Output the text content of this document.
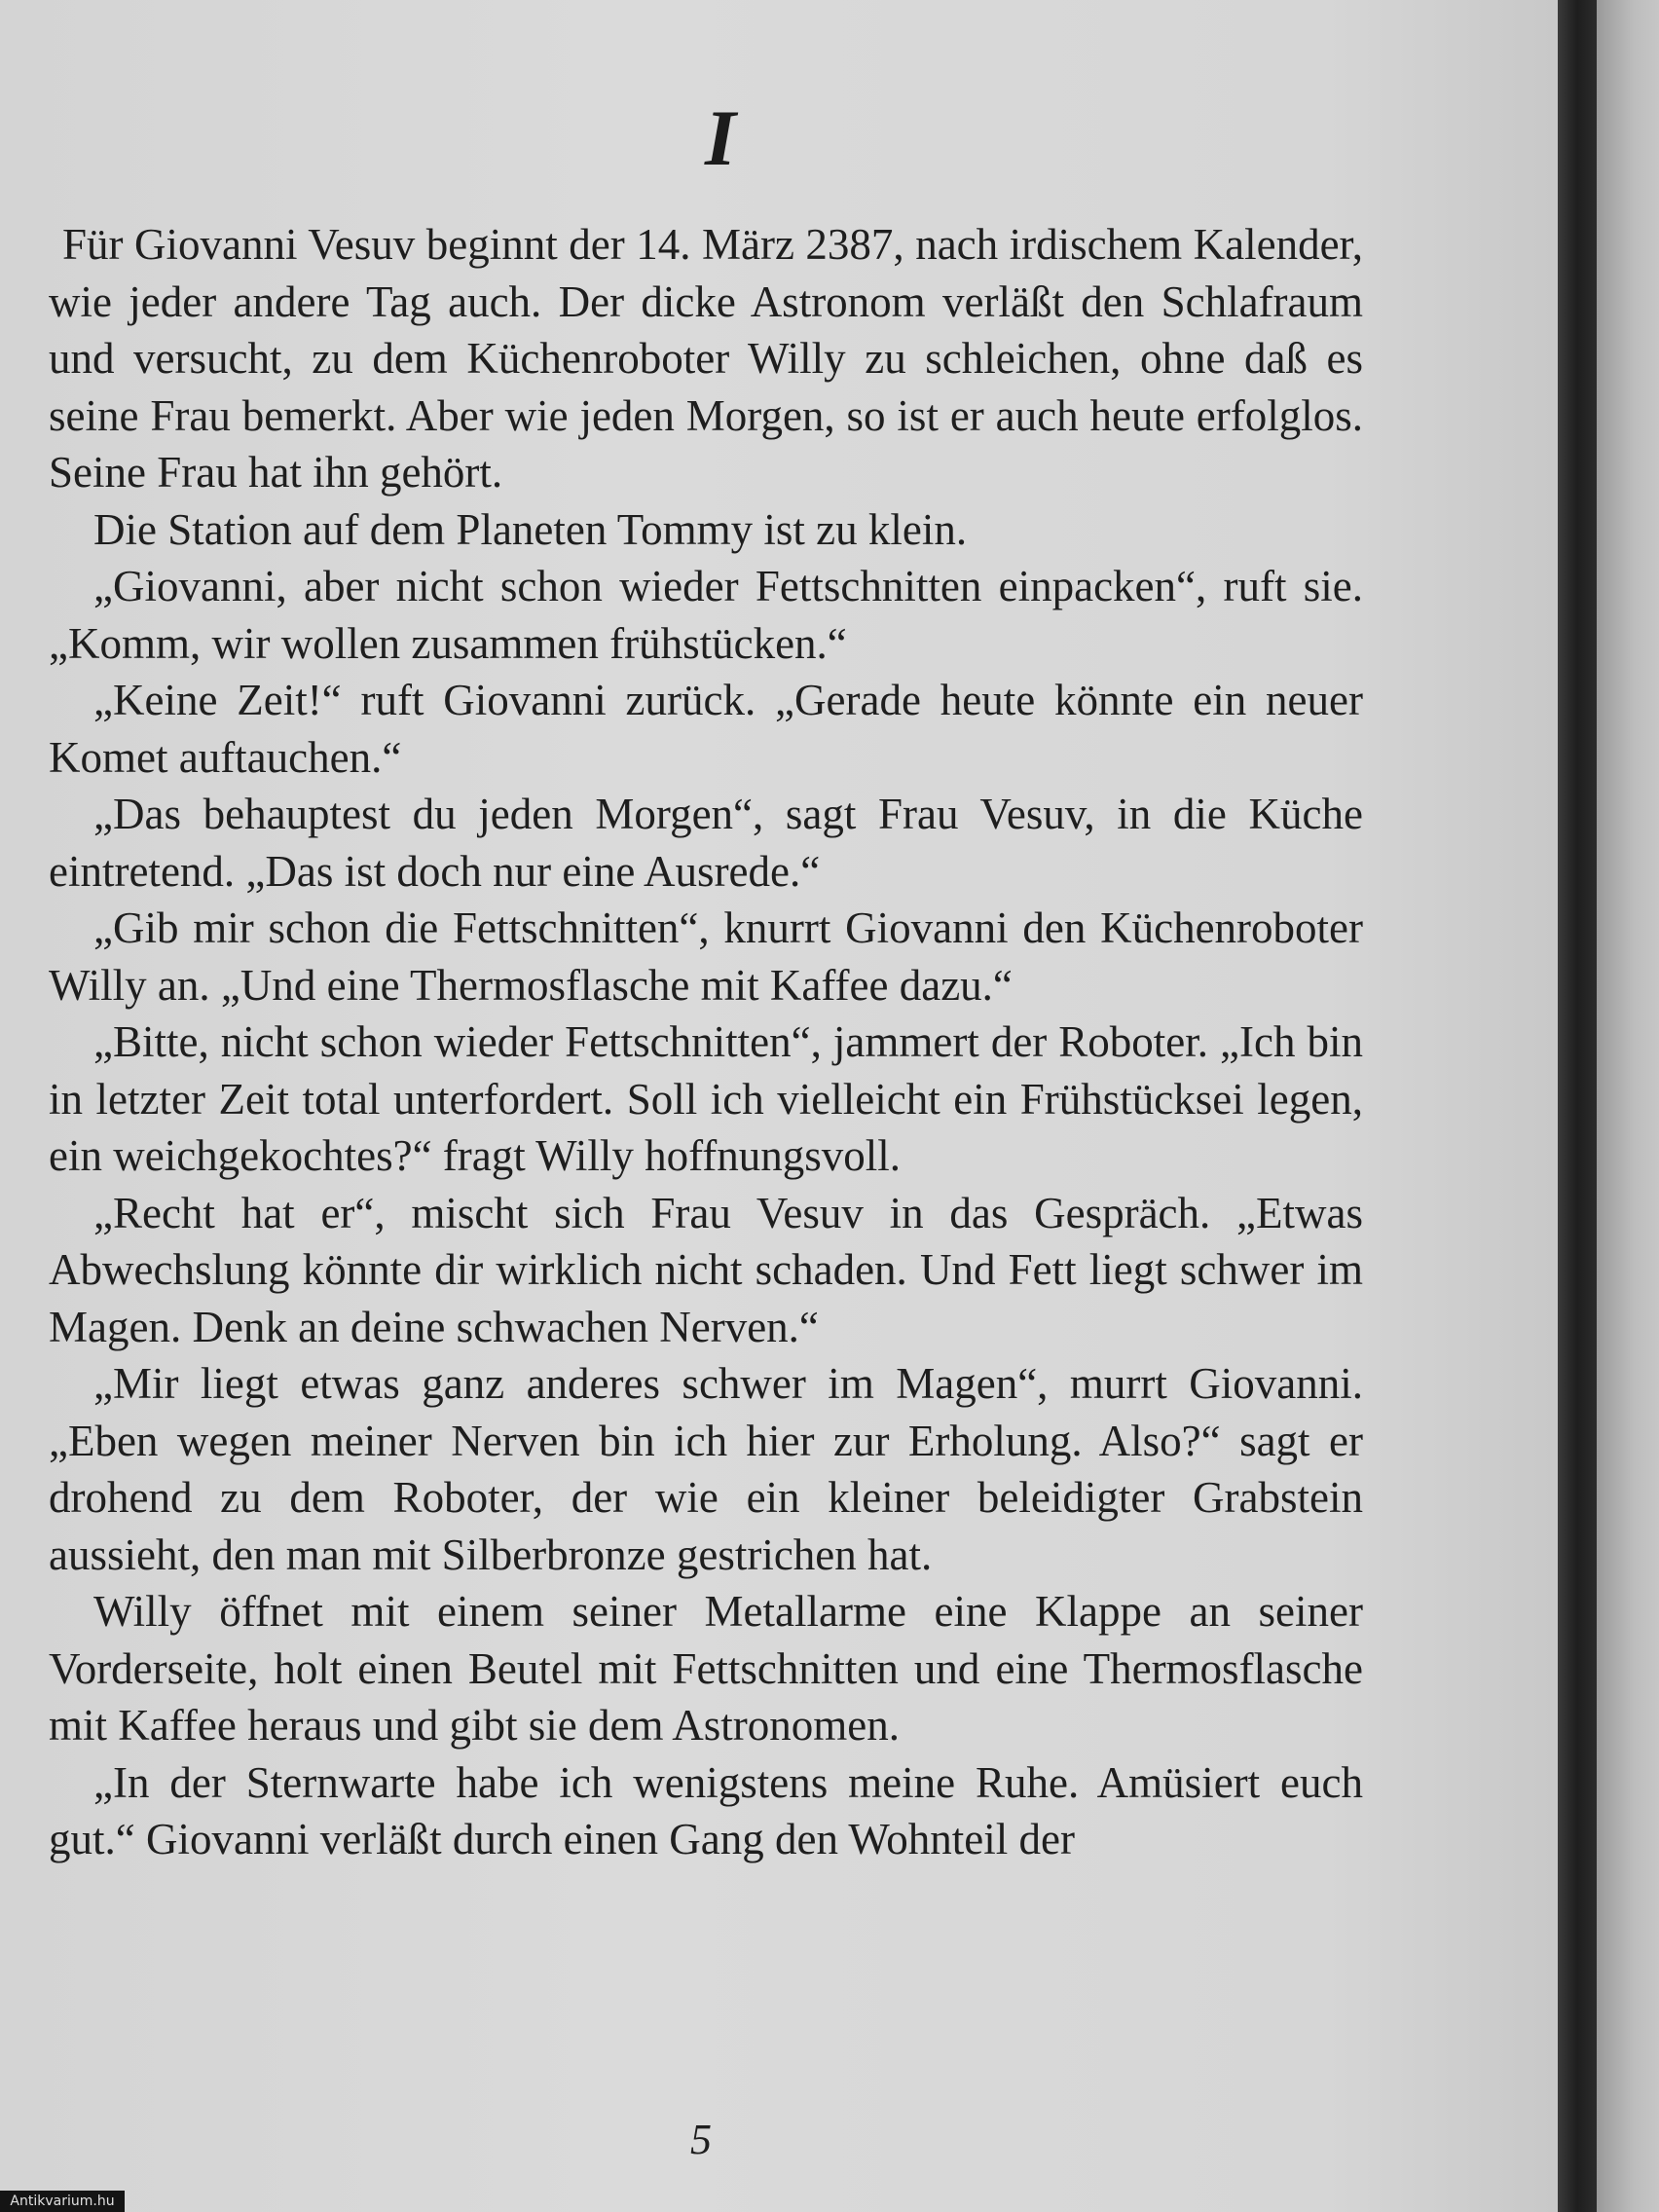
I

Für Giovanni Vesuv beginnt der 14. März 2387, nach irdischem Kalender, wie jeder andere Tag auch. Der dicke Astronom verläßt den Schlafraum und versucht, zu dem Küchenroboter Willy zu schleichen, ohne daß es seine Frau bemerkt. Aber wie jeden Morgen, so ist er auch heute erfolglos. Seine Frau hat ihn gehört.

Die Station auf dem Planeten Tommy ist zu klein.

„Giovanni, aber nicht schon wieder Fettschnitten einpacken“, ruft sie. „Komm, wir wollen zusammen frühstücken.“

„Keine Zeit!“ ruft Giovanni zurück. „Gerade heute könnte ein neuer Komet auftauchen.“

„Das behauptest du jeden Morgen“, sagt Frau Vesuv, in die Küche eintretend. „Das ist doch nur eine Ausrede.“

„Gib mir schon die Fettschnitten“, knurrt Giovanni den Küchenroboter Willy an. „Und eine Thermosflasche mit Kaffee dazu.“

„Bitte, nicht schon wieder Fettschnitten“, jammert der Roboter. „Ich bin in letzter Zeit total unterfordert. Soll ich vielleicht ein Frühstücksei legen, ein weichgekochtes?“ fragt Willy hoffnungsvoll.

„Recht hat er“, mischt sich Frau Vesuv in das Gespräch. „Etwas Abwechslung könnte dir wirklich nicht schaden. Und Fett liegt schwer im Magen. Denk an deine schwachen Nerven.“

„Mir liegt etwas ganz anderes schwer im Magen“, murrt Giovanni. „Eben wegen meiner Nerven bin ich hier zur Erholung. Also?“ sagt er drohend zu dem Roboter, der wie ein kleiner beleidigter Grabstein aussieht, den man mit Silberbronze gestrichen hat.

Willy öffnet mit einem seiner Metallarme eine Klappe an seiner Vorderseite, holt einen Beutel mit Fettschnitten und eine Thermosflasche mit Kaffee heraus und gibt sie dem Astronomen.

„In der Sternwarte habe ich wenigstens meine Ruhe. Amüsiert euch gut.“ Giovanni verläßt durch einen Gang den Wohnteil der

5
Antikvarium.hu
